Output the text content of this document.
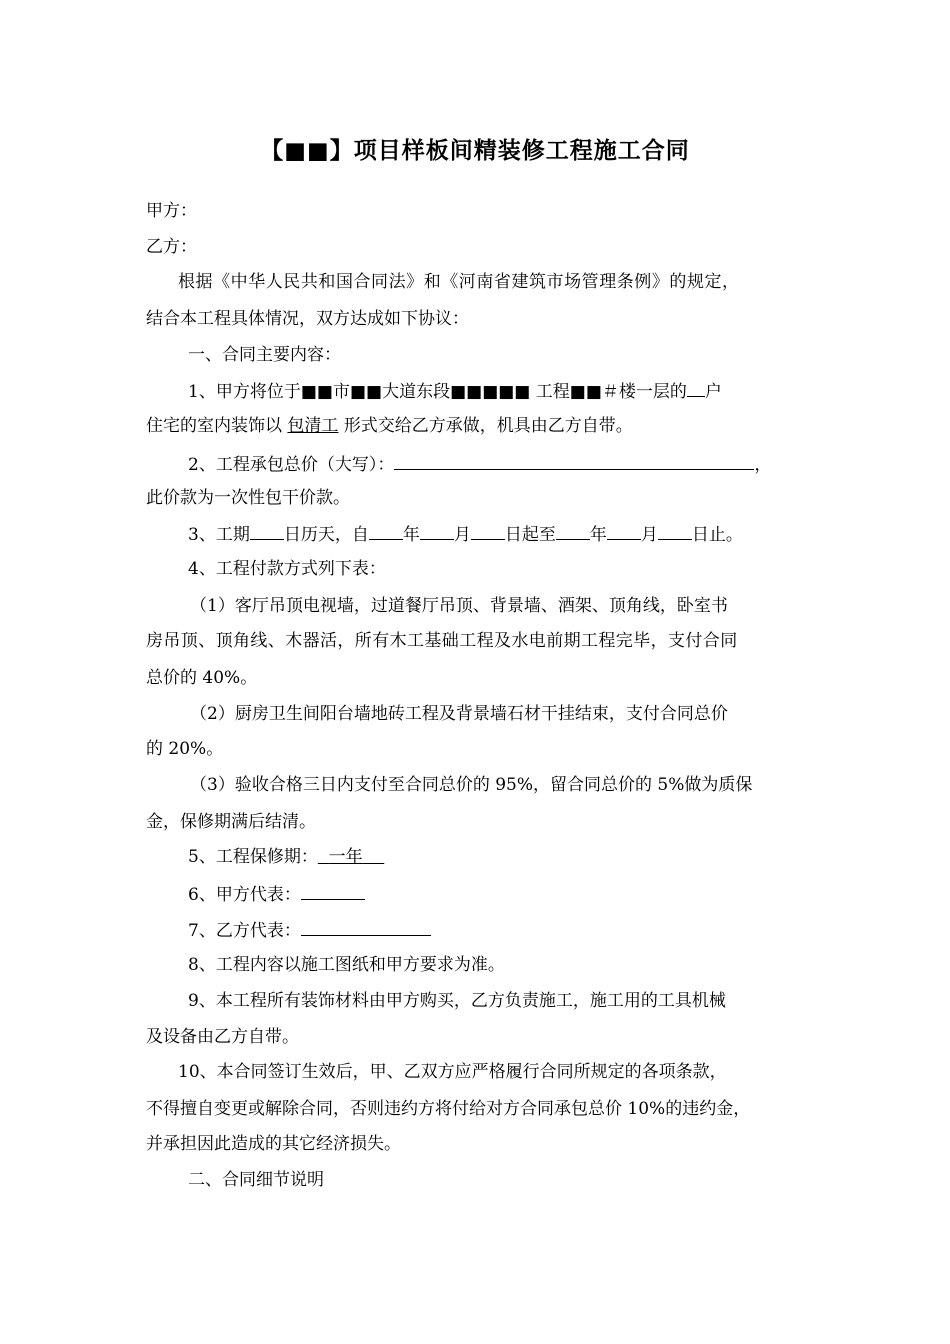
【■■】项目样板间精装修工程施工合同
甲方：
乙方：
根据《中华人民共和国合同法》和《河南省建筑市场管理条例》的规定，
结合本工程具体情况，双方达成如下协议：
一、合同主要内容：
1、甲方将位于■■市■■大道东段■■■■■ 工程■■＃楼一层的 户
住宅的室内装饰以 包清工 形式交给乙方承做，机具由乙方自带。
2、工程承包总价（大写）：	，
此价款为一次性包干价款。
3、工期 日历天，自 年 月 日起至 年 月 日止。
4、工程付款方式列下表：
（1）客厅吊顶电视墙，过道餐厅吊顶、背景墙、酒架、顶角线，卧室书
房吊顶、顶角线、木器活，所有木工基础工程及水电前期工程完毕，支付合同
总价的 40%。
（2）厨房卫生间阳台墙地砖工程及背景墙石材干挂结束，支付合同总价
的 20%。
（3）验收合格三日内支付至合同总价的 95%，留合同总价的 5%做为质保
金，保修期满后结清。
5、工程保修期： 一年
6、甲方代表：
7、乙方代表：
8、工程内容以施工图纸和甲方要求为准。
9、本工程所有装饰材料由甲方购买，乙方负责施工，施工用的工具机械
及设备由乙方自带。
10、本合同签订生效后，甲、乙双方应严格履行合同所规定的各项条款，
不得擅自变更或解除合同，否则违约方将付给对方合同承包总价 10%的违约金，
并承担因此造成的其它经济损失。
二、合同细节说明
